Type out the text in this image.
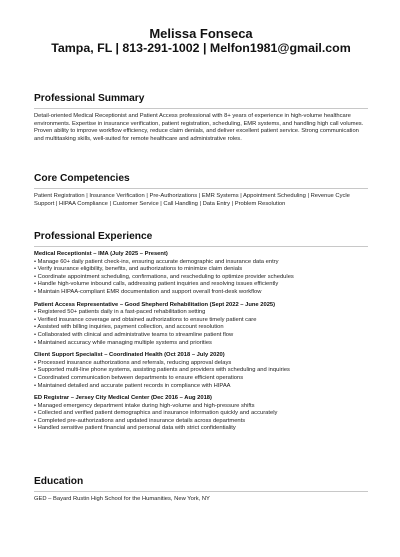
Melissa Fonseca
Tampa, FL | 813-291-1002 | Melfon1981@gmail.com
Professional Summary

Detail-oriented Medical Receptionist and Patient Access professional with 8+ years of experience in high-volume healthcare environments. Expertise in insurance verification, patient registration, scheduling, EMR systems, and handling high call volumes. Proven ability to improve workflow efficiency, reduce claim denials, and deliver excellent patient service. Strong communication and multitasking skills, well-suited for remote healthcare and administrative roles.

Core Competencies

Patient Registration | Insurance Verification | Pre-Authorizations | EMR Systems | Appointment Scheduling | Revenue Cycle Support | HIPAA Compliance | Customer Service | Call Handling | Data Entry | Problem Resolution

Professional Experience

Medical Receptionist – IMA (July 2025 – Present)

• Manage 60+ daily patient check-ins, ensuring accurate demographic and insurance data entry
• Verify insurance eligibility, benefits, and authorizations to minimize claim denials
• Coordinate appointment scheduling, confirmations, and rescheduling to optimize provider schedules
• Handle high-volume inbound calls, addressing patient inquiries and resolving issues efficiently
• Maintain HIPAA-compliant EMR documentation and support overall front-desk workflow

Patient Access Representative – Good Shepherd Rehabilitation (Sept 2022 – June 2025)

• Registered 50+ patients daily in a fast-paced rehabilitation setting
• Verified insurance coverage and obtained authorizations to ensure timely patient care
• Assisted with billing inquiries, payment collection, and account resolution
• Collaborated with clinical and administrative teams to streamline patient flow
• Maintained accuracy while managing multiple systems and priorities

Client Support Specialist – Coordinated Health (Oct 2018 – July 2020)

• Processed insurance authorizations and referrals, reducing approval delays
• Supported multi-line phone systems, assisting patients and providers with scheduling and inquiries
• Coordinated communication between departments to ensure efficient operations
• Maintained detailed and accurate patient records in compliance with HIPAA

ED Registrar – Jersey City Medical Center (Dec 2016 – Aug 2018)

• Managed emergency department intake during high-volume and high-pressure shifts
• Collected and verified patient demographics and insurance information quickly and accurately
• Completed pre-authorizations and updated insurance details across departments
• Handled sensitive patient financial and personal data with strict confidentiality
Education

GED – Bayard Rustin High School for the Humanities, New York, NY
